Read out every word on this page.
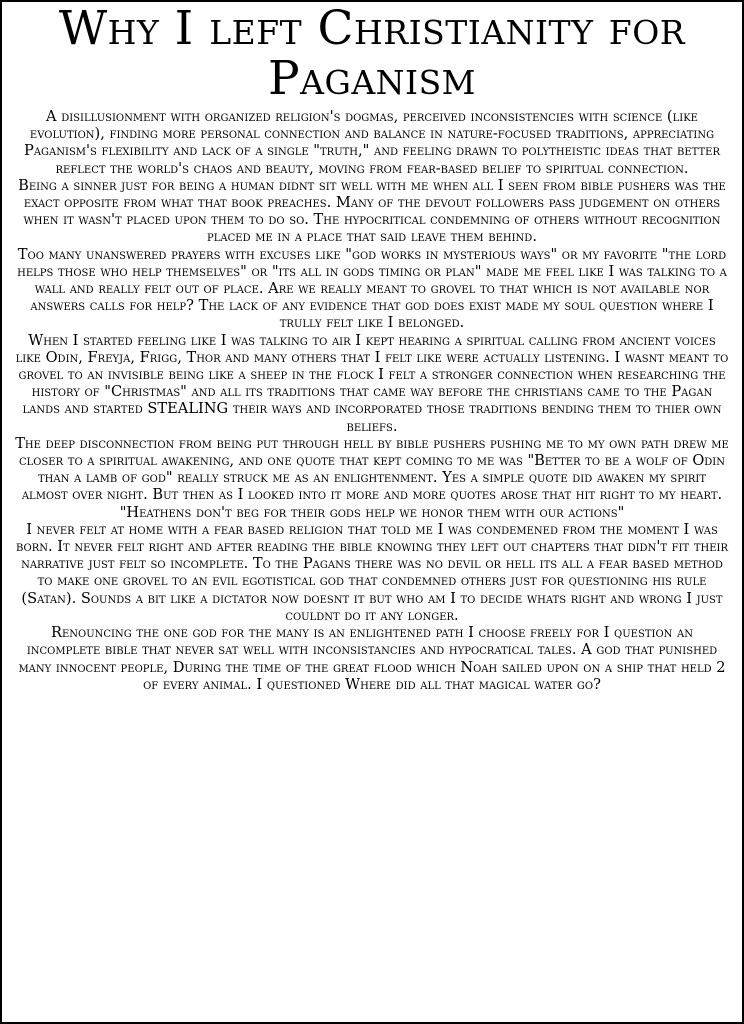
Why I left Christianity for Paganism

A disillusionment with organized religion's dogmas, perceived inconsistencies with science (like evolution), finding more personal connection and balance in nature-focused traditions, appreciating Paganism's flexibility and lack of a single "truth," and feeling drawn to polytheistic ideas that better reflect the world's chaos and beauty, moving from fear-based belief to spiritual connection.

Being a sinner just for being a human didnt sit well with me when all I seen from bible pushers was the exact opposite from what that book preaches. Many of the devout followers pass judgement on others when it wasn't placed upon them to do so. The hypocritical condemning of others without recognition placed me in a place that said leave them behind.

Too many unanswered prayers with excuses like "god works in mysterious ways" or my favorite "the lord helps those who help themselves" or "its all in gods timing or plan" made me feel like I was talking to a wall and really felt out of place. Are we really meant to grovel to that which is not available nor answers calls for help? The lack of any evidence that god does exist made my soul question where I trully felt like I belonged.

When I started feeling like I was talking to air I kept hearing a spiritual calling from ancient voices like Odin, Freyja, Frigg, Thor and many others that I felt like were actually listening. I wasnt meant to grovel to an invisible being like a sheep in the flock I felt a stronger connection when researching the history of "Christmas" and all its traditions that came way before the christians came to the Pagan lands and started STEALING their ways and incorporated those traditions bending them to thier own beliefs.

The deep disconnection from being put through hell by bible pushers pushing me to my own path drew me closer to a spiritual awakening, and one quote that kept coming to me was "Better to be a wolf of Odin than a lamb of god" really struck me as an enlightenment. Yes a simple quote did awaken my spirit almost over night. But then as I looked into it more and more quotes arose that hit right to my heart. "Heathens don't beg for their gods help we honor them with our actions"

I never felt at home with a fear based religion that told me I was condemened from the moment I was born. It never felt right and after reading the bible knowing they left out chapters that didn't fit their narrative just felt so incomplete. To the Pagans there was no devil or hell its all a fear based method to make one grovel to an evil egotistical god that condemned others just for questioning his rule (Satan). Sounds a bit like a dictator now doesnt it but who am I to decide whats right and wrong I just couldnt do it any longer.

Renouncing the one god for the many is an enlightened path I choose freely for I question an incomplete bible that never sat well with inconsistancies and hypocratical tales. A god that punished many innocent people, During the time of the great flood which Noah sailed upon on a ship that held 2 of every animal. I questioned Where did all that magical water go?
